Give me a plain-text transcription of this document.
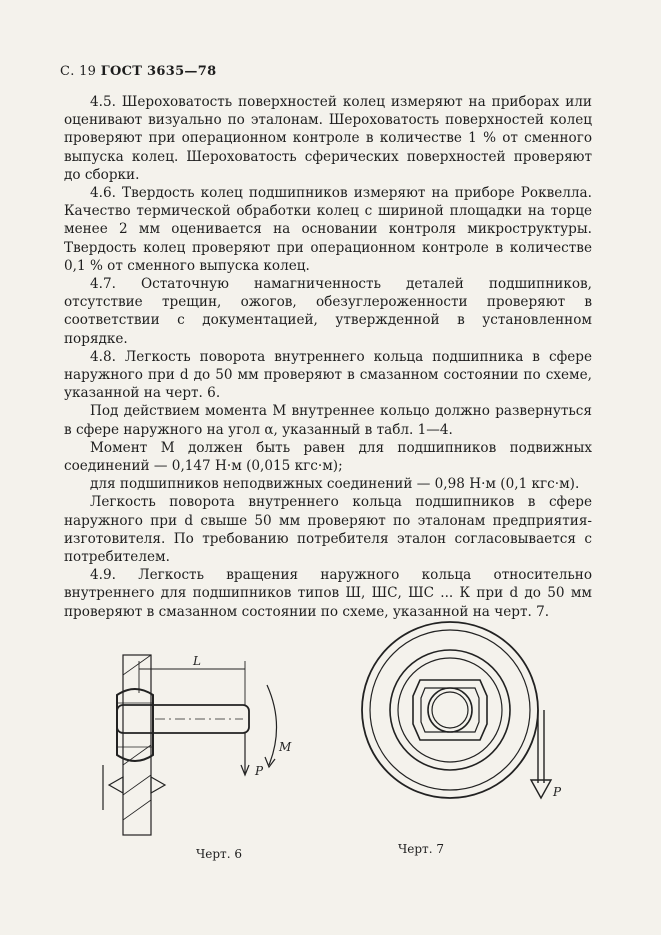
С. 19 ГОСТ 3635—78

4.5. Шероховатость поверхностей колец измеряют на приборах или оценивают визуально по эталонам. Шероховатость поверхностей колец проверяют при операционном контроле в количестве 1 % от сменного выпуска колец. Шероховатость сферических поверхностей проверяют до сборки.

4.6. Твердость колец подшипников измеряют на приборе Роквелла. Качество термической обработки колец с шириной площадки на торце менее 2 мм оценивается на основании контроля микроструктуры. Твердость колец проверяют при операционном контроле в количестве 0,1 % от сменного выпуска колец.

4.7. Остаточную намагниченность деталей подшипников, отсутствие трещин, ожогов, обезуглероженности проверяют в соответствии с документацией, утвержденной в установленном порядке.

4.8. Легкость поворота внутреннего кольца подшипника в сфере наружного при d до 50 мм проверяют в смазанном состоянии по схеме, указанной на черт. 6.

Под действием момента M внутреннее кольцо должно развернуться в сфере наружного на угол α, указанный в табл. 1—4.

Момент M должен быть равен для подшипников подвижных соединений — 0,147 Н·м (0,015 кгс·м);

для подшипников неподвижных соединений — 0,98 Н·м (0,1 кгс·м).

Легкость поворота внутреннего кольца подшипников в сфере наружного при d свыше 50 мм проверяют по эталонам предприятия-изготовителя. По требованию потребителя эталон согласовывается с потребителем.

4.9. Легкость вращения наружного кольца относительно внутреннего для подшипников типов Ш, ШС, ШС ... К при d до 50 мм проверяют в смазанном состоянии по схеме, указанной на черт. 7.

L
M
P
Черт. 6
P
Черт. 7
